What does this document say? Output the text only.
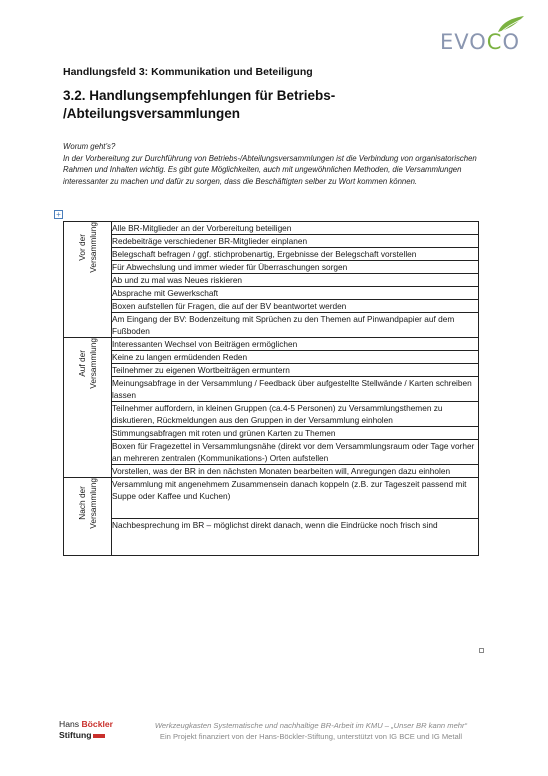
EVOCO
Handlungsfeld 3: Kommunikation und Beteiligung
3.2. Handlungsempfehlungen für Betriebs-
/Abteilungsversammlungen

Worum geht’s?

In der Vorbereitung zur Durchführung von Betriebs-/Abteilungsversammlungen ist die Verbindung von organisatorischen Rahmen und Inhalten wichtig. Es gibt gute Möglichkeiten, auch mit ungewöhnlichen Methoden, die Versammlungen interessanter zu machen und dafür zu sorgen, dass die Beschäftigten selber zu Wort kommen können.

+
Vor der Versammlung	Alle BR-Mitglieder an der Vorbereitung beteiligen
	Redebeiträge verschiedener BR-Mitglieder einplanen
	Belegschaft befragen / ggf. stichprobenartig, Ergebnisse der Belegschaft vorstellen
	Für Abwechslung und immer wieder für Überraschungen sorgen
	Ab und zu mal was Neues riskieren
	Absprache mit Gewerkschaft
	Boxen aufstellen für Fragen, die auf der BV beantwortet werden
	Am Eingang der BV: Bodenzeitung mit Sprüchen zu den Themen auf Pinwandpapier auf dem Fußboden

Auf der Versammlung	Interessanten Wechsel von Beiträgen ermöglichen
	Keine zu langen ermüdenden Reden
	Teilnehmer zu eigenen Wortbeiträgen ermuntern
	Meinungsabfrage in der Versammlung / Feedback über aufgestellte Stellwände / Karten schreiben lassen
	Teilnehmer auffordern, in kleinen Gruppen (ca.4-5 Personen) zu Versammlungsthemen zu diskutieren, Rückmeldungen aus den Gruppen in der Versammlung einholen
	Stimmungsabfragen mit roten und grünen Karten zu Themen
	Boxen für Fragezettel in Versammlungsnähe (direkt vor dem Versammlungsraum oder Tage vorher an mehreren zentralen (Kommunikations-) Orten aufstellen
	Vorstellen, was der BR in den nächsten Monaten bearbeiten will, Anregungen dazu einholen

Nach der Versammlung	Versammlung mit angenehmem Zusammensein danach koppeln (z.B. zur Tageszeit passend mit Suppe oder Kaffee und Kuchen)
	Nachbesprechung im BR – möglichst direkt danach, wenn die Eindrücke noch frisch sind
Hans Böckler
Stiftung
Werkzeugkasten Systematische und nachhaltige BR-Arbeit im KMU – „Unser BR kann mehr“
Ein Projekt finanziert von der Hans-Böckler-Stiftung, unterstützt von IG BCE und IG Metall
